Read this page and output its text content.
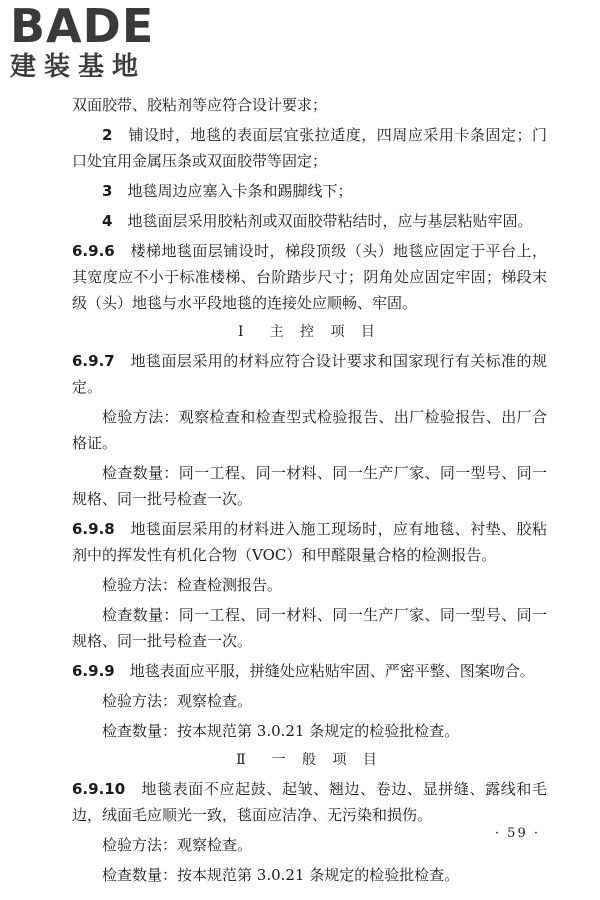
BADE
建装基地

双面胶带、胶粘剂等应符合设计要求；

2　 铺设时，地毯的表面层宜张拉适度，四周应采用卡条固定；门口处宜用金属压条或双面胶带等固定；

3　 地毯周边应塞入卡条和踢脚线下；

4　 地毯面层采用胶粘剂或双面胶带粘结时，应与基层粘贴牢固。

6.9.6　 楼梯地毯面层铺设时，梯段顶级（头）地毯应固定于平台上，其宽度应不小于标准楼梯、台阶踏步尺寸；阴角处应固定牢固；梯段末级（头）地毯与水平段地毯的连接处应顺畅、牢固。

Ⅰ　主 控 项 目

6.9.7　 地毯面层采用的材料应符合设计要求和国家现行有关标准的规定。

检验方法：观察检查和检查型式检验报告、出厂检验报告、出厂合格证。

检查数量：同一工程、同一材料、同一生产厂家、同一型号、同一规格、同一批号检查一次。

6.9.8　 地毯面层采用的材料进入施工现场时，应有地毯、衬垫、胶粘剂中的挥发性有机化合物（VOC）和甲醛限量合格的检测报告。

检验方法：检查检测报告。

检查数量：同一工程、同一材料、同一生产厂家、同一型号、同一规格、同一批号检查一次。

6.9.9　 地毯表面应平服，拼缝处应粘贴牢固、严密平整、图案吻合。

检验方法：观察检查。

检查数量：按本规范第 3.0.21 条规定的检验批检查。

Ⅱ　一 般 项 目

6.9.10　 地毯表面不应起鼓、起皱、翘边、卷边、显拼缝、露线和毛边，绒面毛应顺光一致，毯面应洁净、无污染和损伤。

检验方法：观察检查。

检查数量：按本规范第 3.0.21 条规定的检验批检查。

· 59 ·
